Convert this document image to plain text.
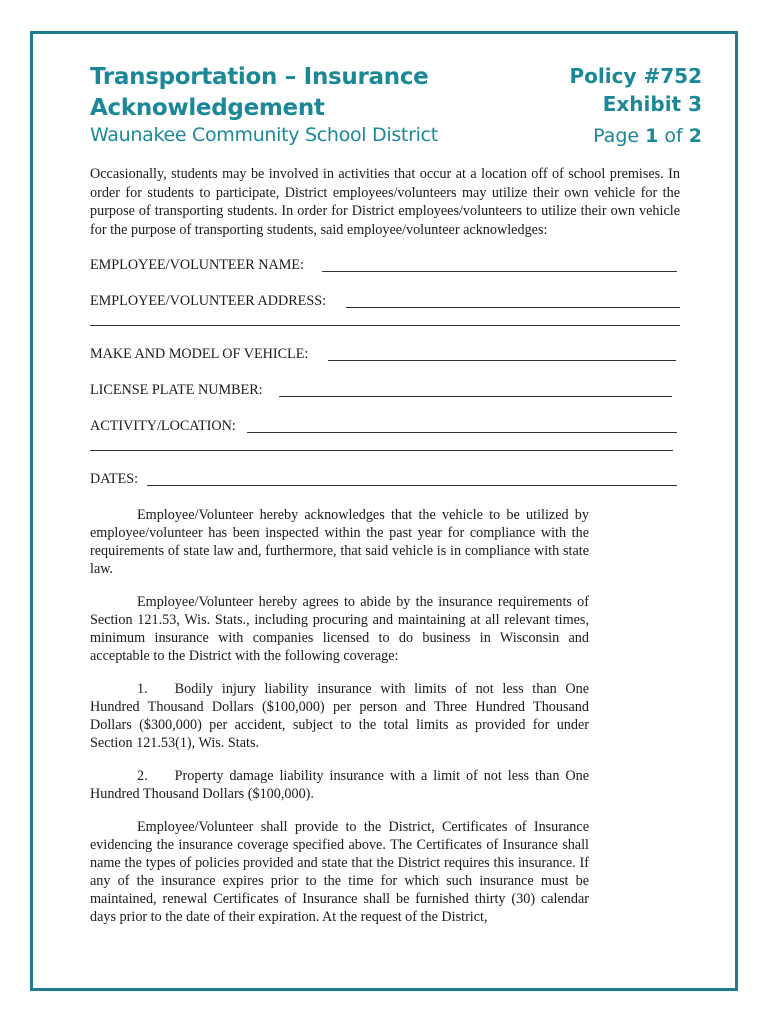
Transportation – Insurance
Acknowledgement
Waunakee Community School District
Policy #752
Exhibit 3
Page 1 of 2
Occasionally, students may be involved in activities that occur at a location off of school premises. In order for students to participate, District employees/volunteers may utilize their own vehicle for the purpose of transporting students. In order for District employees/volunteers to utilize their own vehicle for the purpose of transporting students, said employee/volunteer acknowledges:
EMPLOYEE/VOLUNTEER NAME:
EMPLOYEE/VOLUNTEER ADDRESS:
MAKE AND MODEL OF VEHICLE:
LICENSE PLATE NUMBER:
ACTIVITY/LOCATION:
DATES:

Employee/Volunteer hereby acknowledges that the vehicle to be utilized by employee/volunteer has been inspected within the past year for compliance with the requirements of state law and, furthermore, that said vehicle is in compliance with state law.

Employee/Volunteer hereby agrees to abide by the insurance requirements of Section 121.53, Wis. Stats., including procuring and maintaining at all relevant times, minimum insurance with companies licensed to do business in Wisconsin and acceptable to the District with the following coverage:

1. Bodily injury liability insurance with limits of not less than One Hundred Thousand Dollars ($100,000) per person and Three Hundred Thousand Dollars ($300,000) per accident, subject to the total limits as provided for under Section 121.53(1), Wis. Stats.

2. Property damage liability insurance with a limit of not less than One Hundred Thousand Dollars ($100,000).

Employee/Volunteer shall provide to the District, Certificates of Insurance evidencing the insurance coverage specified above. The Certificates of Insurance shall name the types of policies provided and state that the District requires this insurance. If any of the insurance expires prior to the time for which such insurance must be maintained, renewal Certificates of Insurance shall be furnished thirty (30) calendar days prior to the date of their expiration. At the request of the District,
